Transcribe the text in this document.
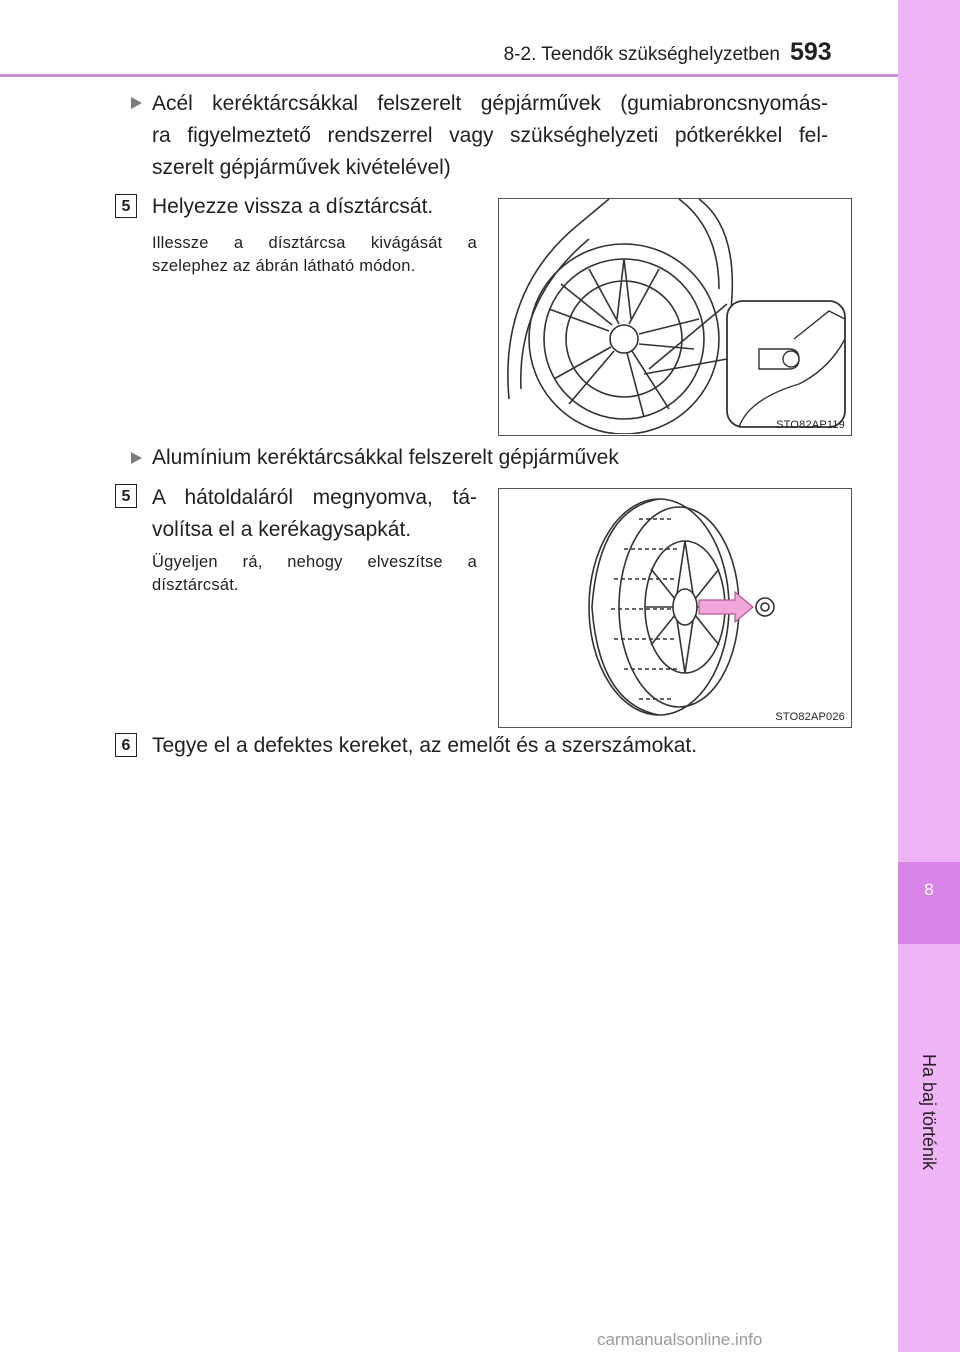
8-2. Teendők szükséghelyzetben 593
8
Ha baj történik
Acél keréktárcsákkal felszerelt gépjárművek (gumiabroncsnyomás-
ra figyelmeztető rendszerrel vagy szükséghelyzeti pótkerékkel fel-
szerelt gépjárművek kivételével)
5	Helyezze vissza a dísztárcsát.
Illessze a dísztárcsa kivágását a
szelephez az ábrán látható módon.
STO82AP119
Alumínium keréktárcsákkal felszerelt gépjárművek
5	A hátoldaláról megnyomva, tá-
volítsa el a kerékagysapkát.
Ügyeljen rá, nehogy elveszítse a
dísztárcsát.
STO82AP026
6	Tegye el a defektes kereket, az emelőt és a szerszámokat.
carmanualsonline.info
